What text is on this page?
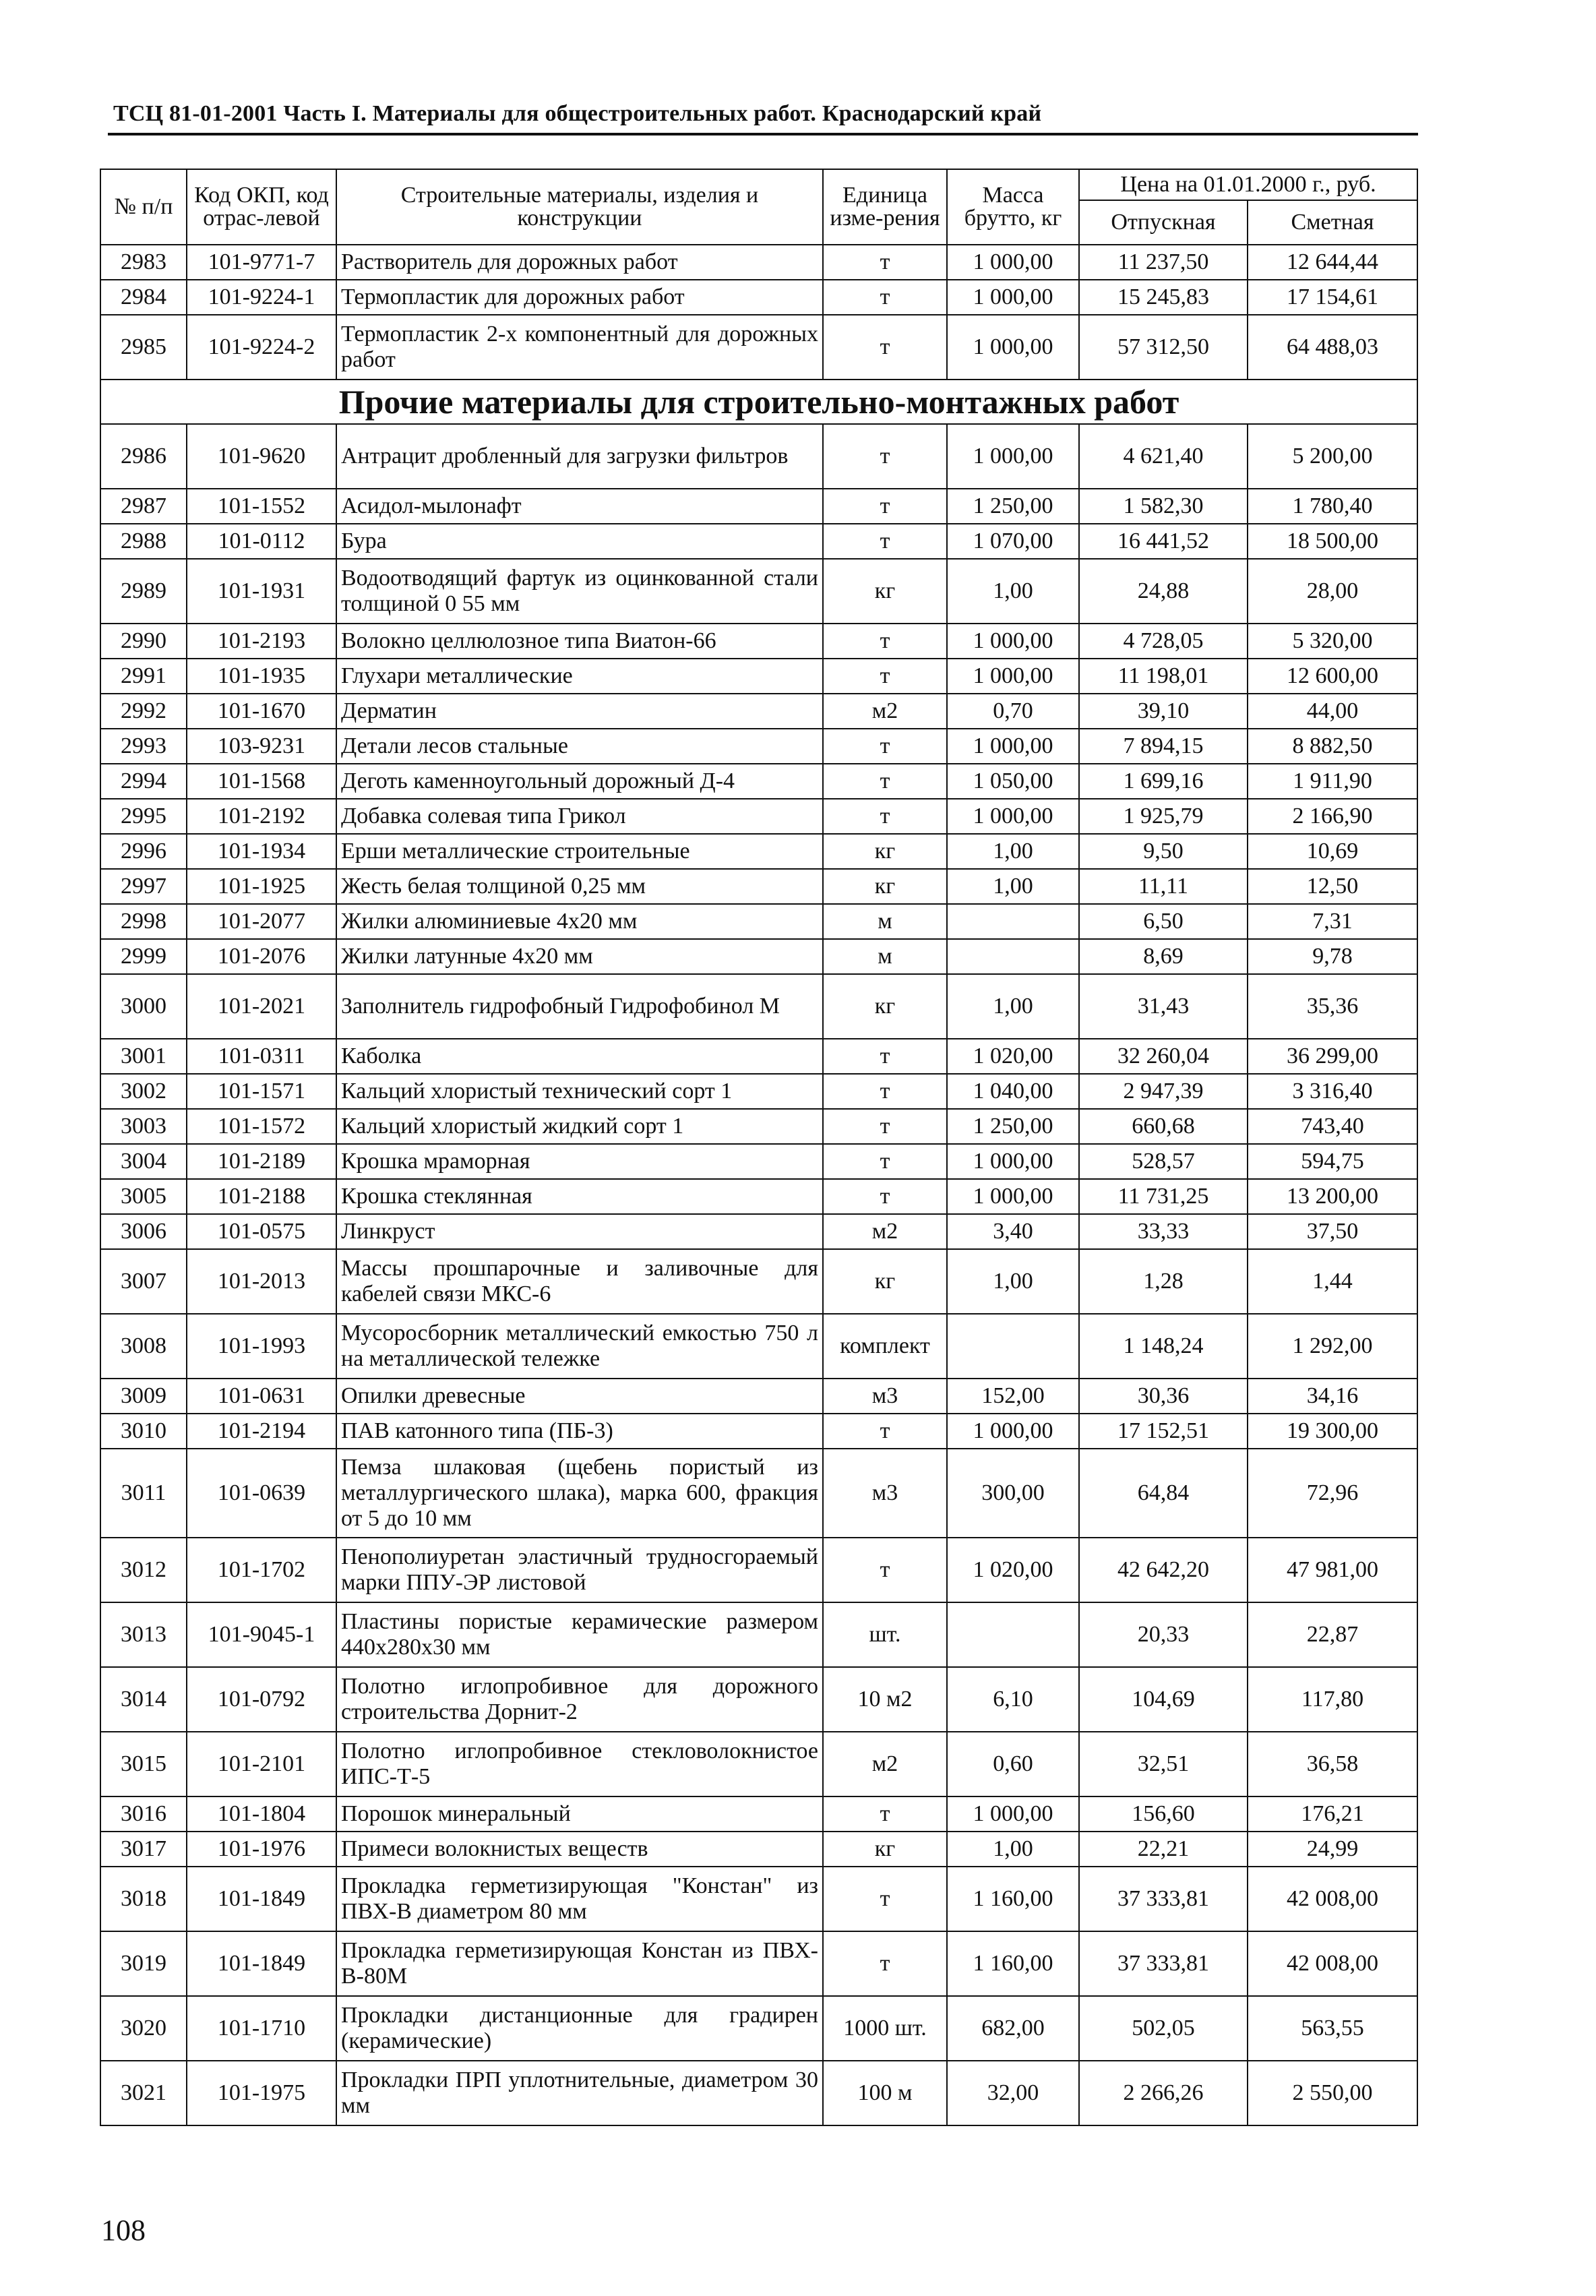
ТСЦ 81-01-2001 Часть I. Материалы для общестроительных работ. Краснодарский край
№ п/п	Код ОКП, код отрас-левой	Строительные материалы, изделия и конструкции	Единица изме-рения	Масса брутто, кг	Цена на 01.01.2000 г., руб.	
					Отпускная	Сметная
2983	101-9771-7	Растворитель для дорожных работ	т	1 000,00	11 237,50	12 644,44
2984	101-9224-1	Термопластик для дорожных работ	т	1 000,00	15 245,83	17 154,61
2985	101-9224-2	Термопластик 2-х компонентный для дорожных работ	т	1 000,00	57 312,50	64 488,03
Прочие материалы для строительно-монтажных работ						
2986	101-9620	Антрацит дробленный для загрузки фильтров	т	1 000,00	4 621,40	5 200,00
2987	101-1552	Асидол-мылонафт	т	1 250,00	1 582,30	1 780,40
2988	101-0112	Бура	т	1 070,00	16 441,52	18 500,00
2989	101-1931	Водоотводящий фартук из оцинкованной стали толщиной 0 55 мм	кг	1,00	24,88	28,00
2990	101-2193	Волокно целлюлозное типа Виатон-66	т	1 000,00	4 728,05	5 320,00
2991	101-1935	Глухари металлические	т	1 000,00	11 198,01	12 600,00
2992	101-1670	Дерматин	м2	0,70	39,10	44,00
2993	103-9231	Детали лесов стальные	т	1 000,00	7 894,15	8 882,50
2994	101-1568	Деготь каменноугольный дорожный Д-4	т	1 050,00	1 699,16	1 911,90
2995	101-2192	Добавка солевая типа Грикол	т	1 000,00	1 925,79	2 166,90
2996	101-1934	Ерши металлические строительные	кг	1,00	9,50	10,69
2997	101-1925	Жесть белая толщиной 0,25 мм	кг	1,00	11,11	12,50
2998	101-2077	Жилки алюминиевые 4x20 мм	м		6,50	7,31
2999	101-2076	Жилки латунные 4x20 мм	м		8,69	9,78
3000	101-2021	Заполнитель гидрофобный Гидрофобинол М	кг	1,00	31,43	35,36
3001	101-0311	Каболка	т	1 020,00	32 260,04	36 299,00
3002	101-1571	Кальций хлористый технический сорт 1	т	1 040,00	2 947,39	3 316,40
3003	101-1572	Кальций хлористый жидкий сорт 1	т	1 250,00	660,68	743,40
3004	101-2189	Крошка мраморная	т	1 000,00	528,57	594,75
3005	101-2188	Крошка стеклянная	т	1 000,00	11 731,25	13 200,00
3006	101-0575	Линкруст	м2	3,40	33,33	37,50
3007	101-2013	Массы прошпарочные и заливочные для кабелей связи МКС-6	кг	1,00	1,28	1,44
3008	101-1993	Мусоросборник металлический емкостью 750 л на металлической тележке	комплект		1 148,24	1 292,00
3009	101-0631	Опилки древесные	м3	152,00	30,36	34,16
3010	101-2194	ПАВ катонного типа (ПБ-3)	т	1 000,00	17 152,51	19 300,00
3011	101-0639	Пемза шлаковая (щебень пористый из металлургического шлака), марка 600, фракция от 5 до 10 мм	м3	300,00	64,84	72,96
3012	101-1702	Пенополиуретан эластичный трудносгораемый марки ППУ-ЭР листовой	т	1 020,00	42 642,20	47 981,00
3013	101-9045-1	Пластины пористые керамические размером 440x280x30 мм	шт.		20,33	22,87
3014	101-0792	Полотно иглопробивное для дорожного строительства Дорнит-2	10 м2	6,10	104,69	117,80
3015	101-2101	Полотно иглопробивное стекловолокнистое ИПС-Т-5	м2	0,60	32,51	36,58
3016	101-1804	Порошок минеральный	т	1 000,00	156,60	176,21
3017	101-1976	Примеси волокнистых веществ	кг	1,00	22,21	24,99
3018	101-1849	Прокладка герметизирующая "Констан" из ПВХ-В диаметром 80 мм	т	1 160,00	37 333,81	42 008,00
3019	101-1849	Прокладка герметизирующая Констан из ПВХ-В-80М	т	1 160,00	37 333,81	42 008,00
3020	101-1710	Прокладки дистанционные для градирен (керамические)	1000 шт.	682,00	502,05	563,55
3021	101-1975	Прокладки ПРП уплотнительные, диаметром 30 мм	100 м	32,00	2 266,26	2 550,00
108
